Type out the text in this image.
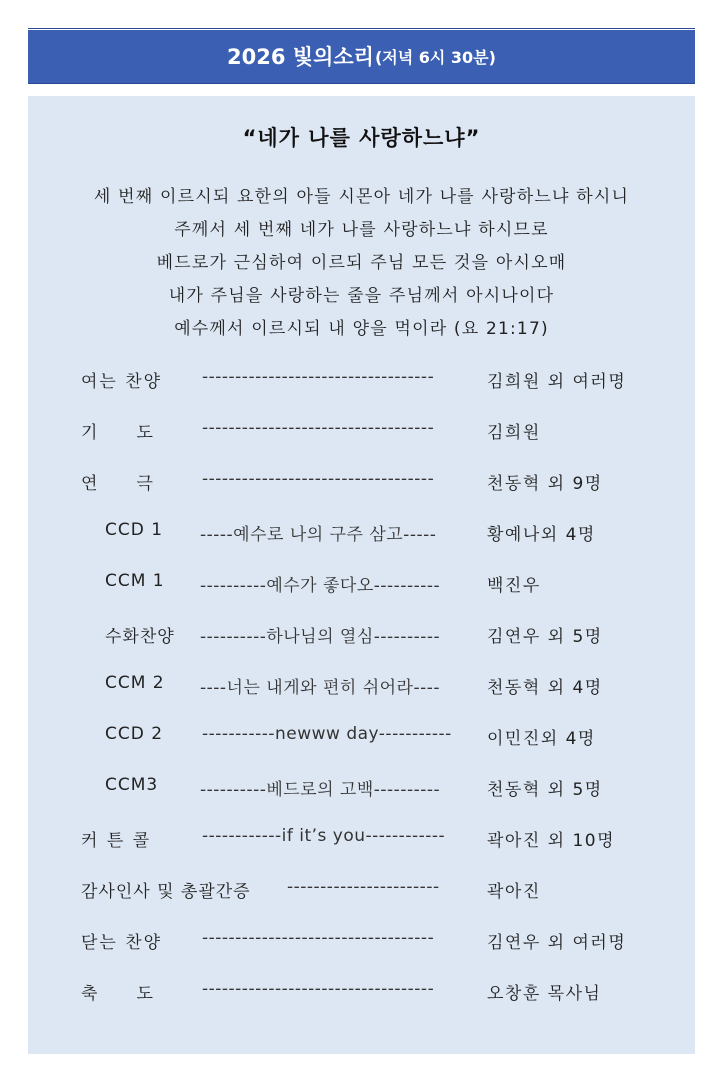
2026 빛의소리 (저녁 6시 30분)
“네가 나를 사랑하느냐”
세 번째 이르시되 요한의 아들 시몬아 네가 나를 사랑하느냐 하시니
주께서 세 번째 네가 나를 사랑하느냐 하시므로
베드로가 근심하여 이르되 주님 모든 것을 아시오매
내가 주님을 사랑하는 줄을 주님께서 아시나이다
예수께서 이르시되 내 양을 먹이라 (요 21:17)
여는 찬양 -----------------------------------	김희원 외 여러명
기     도	-----------------------------------	김희원
연     극	-----------------------------------	천동혁 외 9명
CCD 1 -----예수로 나의 구주 삼고-----	황예나외 4명
CCM 1 ----------예수가 좋다오----------	백진우
수화찬양 ----------하나님의 열심----------	김연우 외 5명
CCM 2 ----너는 내게와 편히 쉬어라----	천동혁 외 4명
CCD 2 -----------newww day----------- 이민진외 4명
CCM3 ----------베드로의 고백----------	천동혁 외 5명
커 튼 콜	------------if it’s you------------ 곽아진 외 10명
감사인사 및 총괄간증 -----------------------	곽아진
닫는 찬양 -----------------------------------	김연우 외 여러명
축     도	-----------------------------------	오창훈 목사님
